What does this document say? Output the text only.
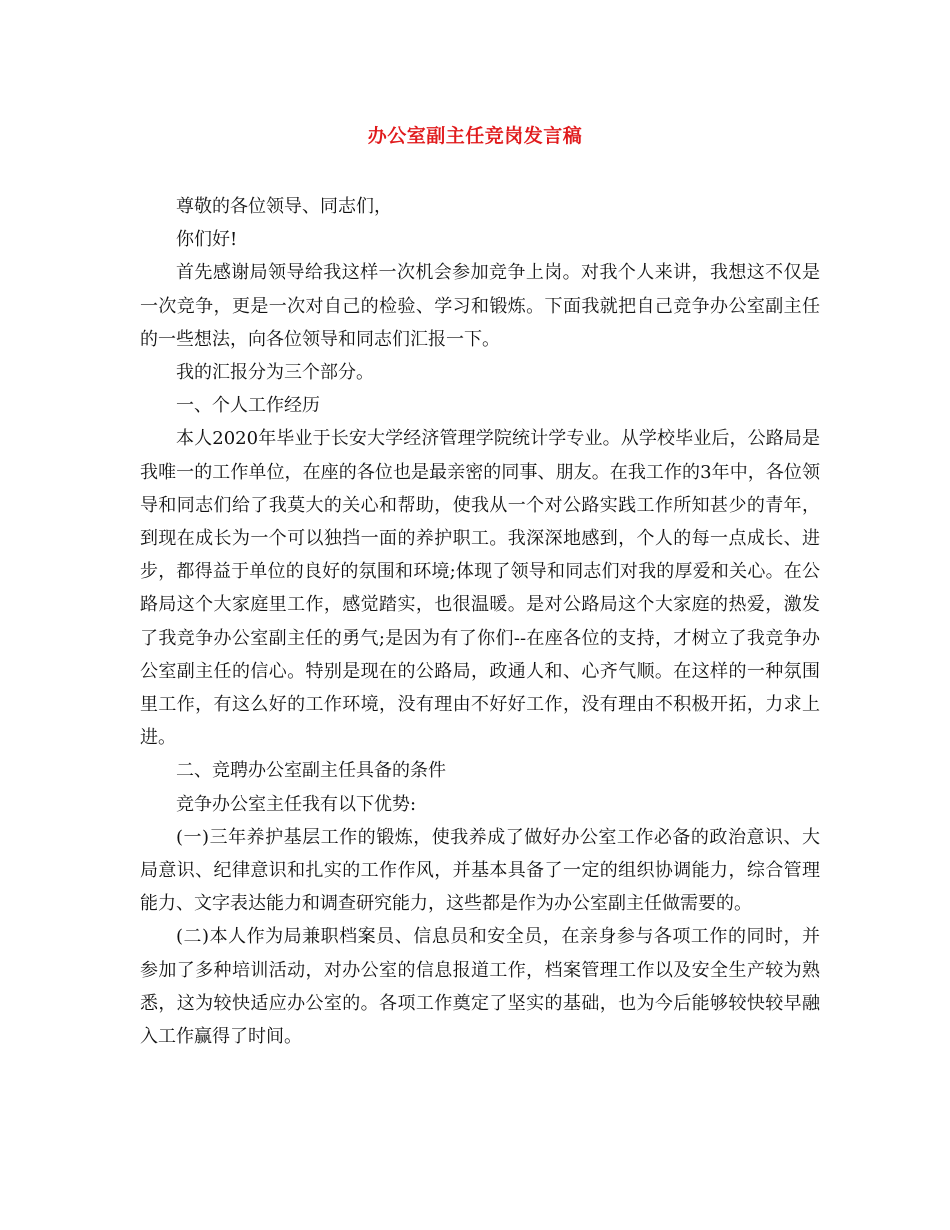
办公室副主任竞岗发言稿

尊敬的各位领导、同志们，

你们好!

首先感谢局领导给我这样一次机会参加竞争上岗。对我个人来讲，我想这不仅是一次竞争，更是一次对自己的检验、学习和锻炼。下面我就把自己竞争办公室副主任的一些想法，向各位领导和同志们汇报一下。

我的汇报分为三个部分。

一、个人工作经历

本人2020年毕业于长安大学经济管理学院统计学专业。从学校毕业后，公路局是我唯一的工作单位，在座的各位也是最亲密的同事、朋友。在我工作的3年中，各位领导和同志们给了我莫大的关心和帮助，使我从一个对公路实践工作所知甚少的青年，到现在成长为一个可以独挡一面的养护职工。我深深地感到，个人的每一点成长、进步，都得益于单位的良好的氛围和环境;体现了领导和同志们对我的厚爱和关心。在公路局这个大家庭里工作，感觉踏实，也很温暖。是对公路局这个大家庭的热爱，激发了我竞争办公室副主任的勇气;是因为有了你们--在座各位的支持，才树立了我竞争办公室副主任的信心。特别是现在的公路局，政通人和、心齐气顺。在这样的一种氛围里工作，有这么好的工作环境，没有理由不好好工作，没有理由不积极开拓，力求上进。

二、竞聘办公室副主任具备的条件

竞争办公室主任我有以下优势:

(一)三年养护基层工作的锻炼，使我养成了做好办公室工作必备的政治意识、大局意识、纪律意识和扎实的工作作风，并基本具备了一定的组织协调能力，综合管理能力、文字表达能力和调查研究能力，这些都是作为办公室副主任做需要的。

(二)本人作为局兼职档案员、信息员和安全员，在亲身参与各项工作的同时，并参加了多种培训活动，对办公室的信息报道工作，档案管理工作以及安全生产较为熟悉，这为较快适应办公室的。各项工作奠定了坚实的基础，也为今后能够较快较早融入工作赢得了时间。
